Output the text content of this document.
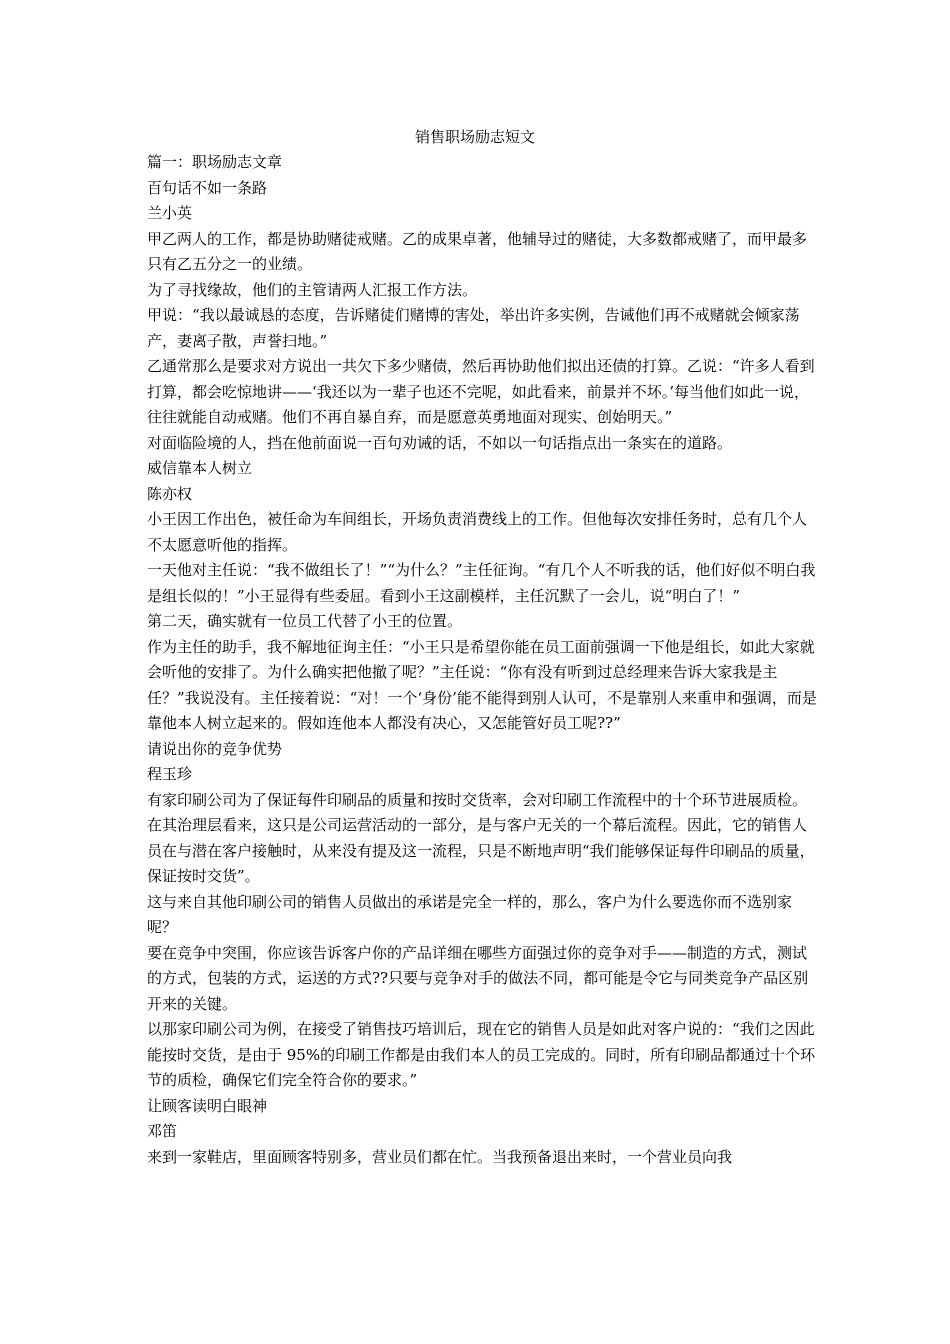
销售职场励志短文

篇一：职场励志文章

百句话不如一条路

兰小英

甲乙两人的工作，都是协助赌徒戒赌。乙的成果卓著，他辅导过的赌徒，大多数都戒赌了，而甲最多只有乙五分之一的业绩。

为了寻找缘故，他们的主管请两人汇报工作方法。

甲说：“我以最诚恳的态度，告诉赌徒们赌博的害处，举出许多实例，告诫他们再不戒赌就会倾家荡产，妻离子散，声誉扫地。”

乙通常那么是要求对方说出一共欠下多少赌债，然后再协助他们拟出还债的打算。乙说：“许多人看到打算，都会吃惊地讲——‘我还以为一辈子也还不完呢，如此看来，前景并不坏。’每当他们如此一说，往往就能自动戒赌。他们不再自暴自弃，而是愿意英勇地面对现实、创始明天。”

对面临险境的人，挡在他前面说一百句劝诫的话，不如以一句话指点出一条实在的道路。

威信靠本人树立

陈亦权

小王因工作出色，被任命为车间组长，开场负责消费线上的工作。但他每次安排任务时，总有几个人不太愿意听他的指挥。

一天他对主任说：“我不做组长了！”“为什么？”主任征询。“有几个人不听我的话，他们好似不明白我是组长似的！”小王显得有些委屈。看到小王这副模样，主任沉默了一会儿，说“明白了！”

第二天，确实就有一位员工代替了小王的位置。

作为主任的助手，我不解地征询主任：“小王只是希望你能在员工面前强调一下他是组长，如此大家就会听他的安排了。为什么确实把他撤了呢？”主任说：“你有没有听到过总经理来告诉大家我是主任？”我说没有。主任接着说：“对！一个‘身份’能不能得到别人认可，不是靠别人来重申和强调，而是靠他本人树立起来的。假如连他本人都没有决心，又怎能管好员工呢??”

请说出你的竞争优势

程玉珍

有家印刷公司为了保证每件印刷品的质量和按时交货率，会对印刷工作流程中的十个环节进展质检。在其治理层看来，这只是公司运营活动的一部分，是与客户无关的一个幕后流程。因此，它的销售人员在与潜在客户接触时，从来没有提及这一流程，只是不断地声明“我们能够保证每件印刷品的质量，保证按时交货”。

这与来自其他印刷公司的销售人员做出的承诺是完全一样的，那么，客户为什么要选你而不选别家呢？

要在竞争中突围，你应该告诉客户你的产品详细在哪些方面强过你的竞争对手——制造的方式，测试的方式，包装的方式，运送的方式??只要与竞争对手的做法不同，都可能是令它与同类竞争产品区别开来的关键。

以那家印刷公司为例，在接受了销售技巧培训后，现在它的销售人员是如此对客户说的：“我们之因此能按时交货，是由于 95%的印刷工作都是由我们本人的员工完成的。同时，所有印刷品都通过十个环节的质检，确保它们完全符合你的要求。”

让顾客读明白眼神

邓笛

来到一家鞋店，里面顾客特别多，营业员们都在忙。当我预备退出来时，一个营业员向我
